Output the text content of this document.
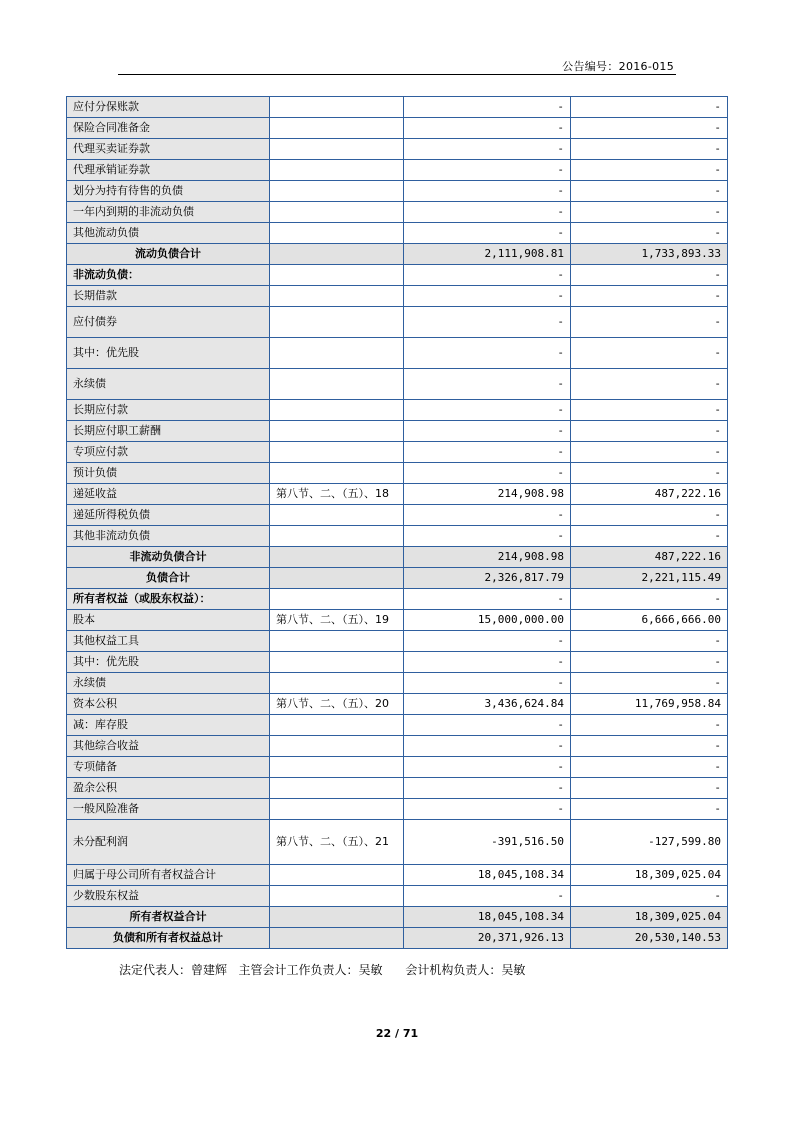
公告编号：2016-015
应付分保账款		-	-
保险合同准备金		-	-
代理买卖证券款		-	-
代理承销证券款		-	-
划分为持有待售的负债		-	-
一年内到期的非流动负债		-	-
其他流动负债		-	-
流动负债合计		2,111,908.81	1,733,893.33
非流动负债：		-	-
长期借款		-	-
应付债券		-	-
其中：优先股		-	-
永续债		-	-
长期应付款		-	-
长期应付职工薪酬		-	-
专项应付款		-	-
预计负债		-	-
递延收益	第八节、二、（五）、18	214,908.98	487,222.16
递延所得税负债		-	-
其他非流动负债		-	-
非流动负债合计		214,908.98	487,222.16
负债合计		2,326,817.79	2,221,115.49
所有者权益（或股东权益）：		-	-
股本	第八节、二、（五）、19	15,000,000.00	6,666,666.00
其他权益工具		-	-
其中：优先股		-	-
永续债		-	-
资本公积	第八节、二、（五）、20	3,436,624.84	11,769,958.84
减：库存股		-	-
其他综合收益		-	-
专项储备		-	-
盈余公积		-	-
一般风险准备		-	-
未分配利润	第八节、二、（五）、21	-391,516.50	-127,599.80
归属于母公司所有者权益合计		18,045,108.34	18,309,025.04
少数股东权益		-	-
所有者权益合计		18,045,108.34	18,309,025.04
负债和所有者权益总计		20,371,926.13	20,530,140.53
法定代表人：曾建辉   主管会计工作负责人：吴敏      会计机构负责人：吴敏
22 / 71
